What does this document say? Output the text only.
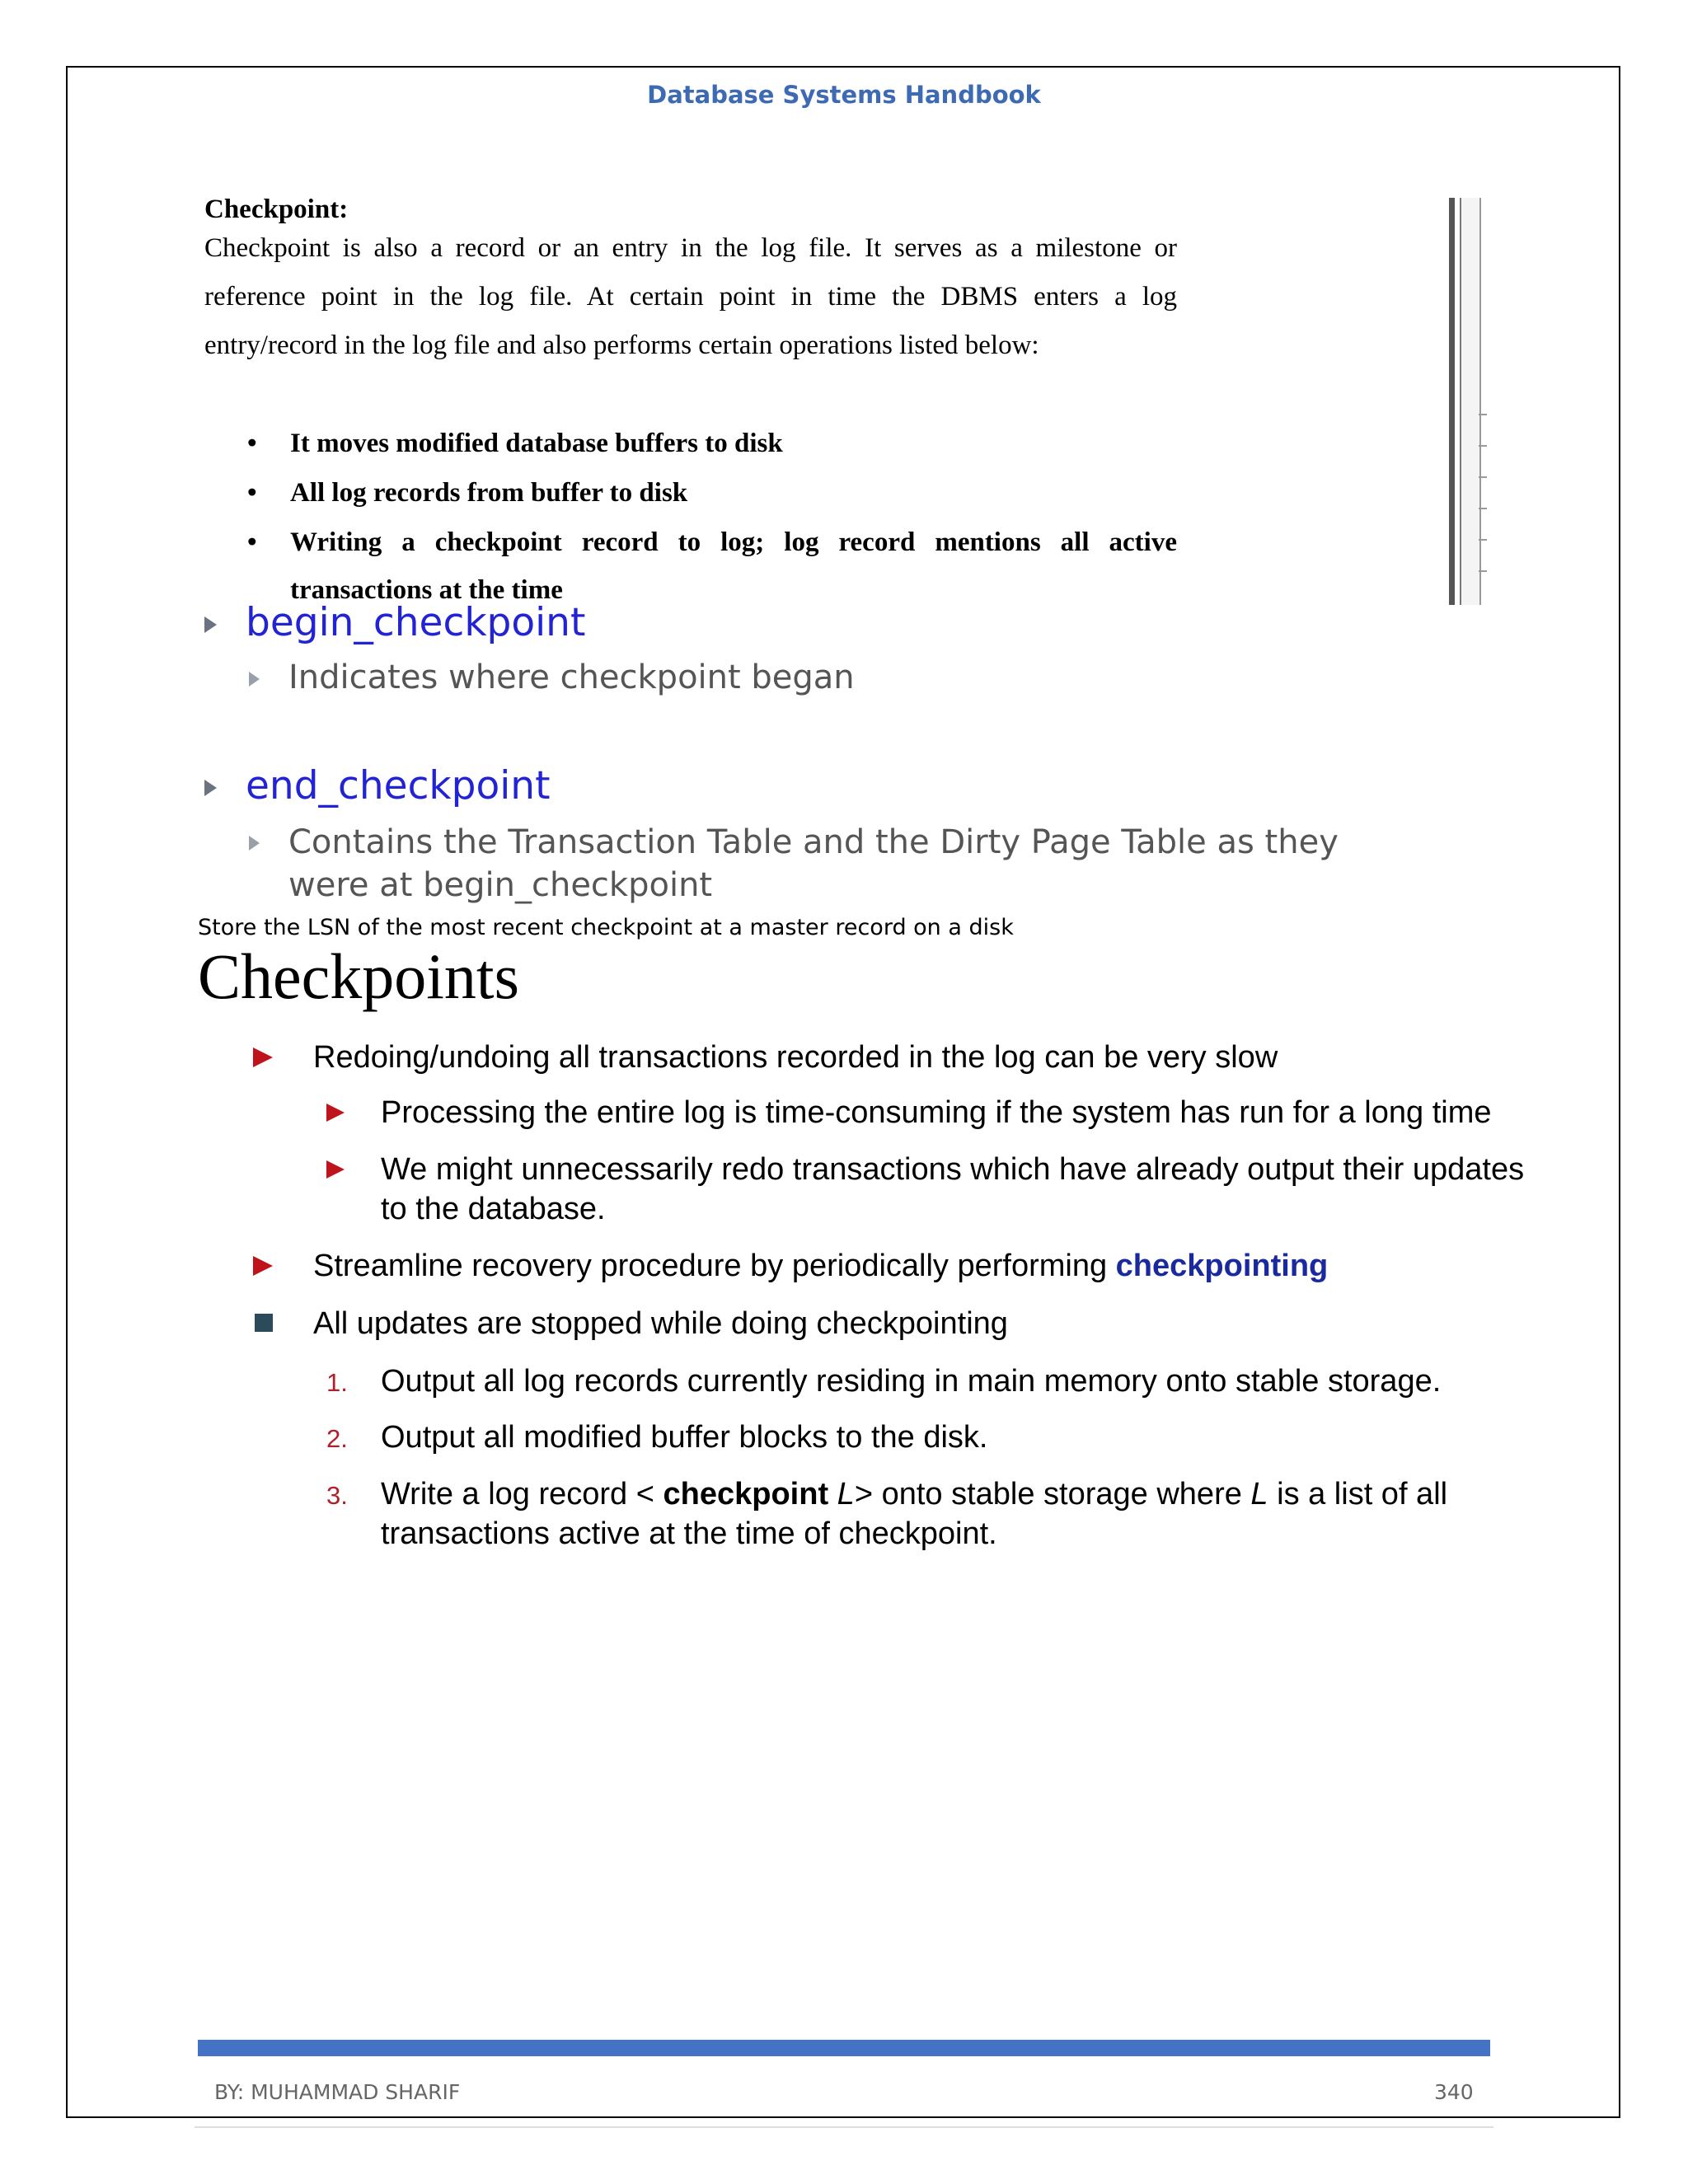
Database Systems Handbook
Checkpoint:
Checkpoint is also a record or an entry in the log file. It serves as a milestone or
reference point in the log file. At certain point in time the DBMS enters a log
entry/record in the log file and also performs certain operations listed below:
• It moves modified database buffers to disk
• All log records from buffer to disk
• Writing a checkpoint record to log; log record mentions all active
transactions at the time
begin_checkpoint
Indicates where checkpoint began
end_checkpoint
Contains the Transaction Table and the Dirty Page Table as they
were at begin_checkpoint
Store the LSN of the most recent checkpoint at a master record on a disk
Checkpoints
Redoing/undoing all transactions recorded in the log can be very slow
Processing the entire log is time-consuming if the system has run for a long time
We might unnecessarily redo transactions which have already output their updates
to the database.
Streamline recovery procedure by periodically performing checkpointing
All updates are stopped while doing checkpointing
1. Output all log records currently residing in main memory onto stable storage.
2. Output all modified buffer blocks to the disk.
3. Write a log record < checkpoint L> onto stable storage where L is a list of all
transactions active at the time of checkpoint.
BY: MUHAMMAD SHARIF	340
